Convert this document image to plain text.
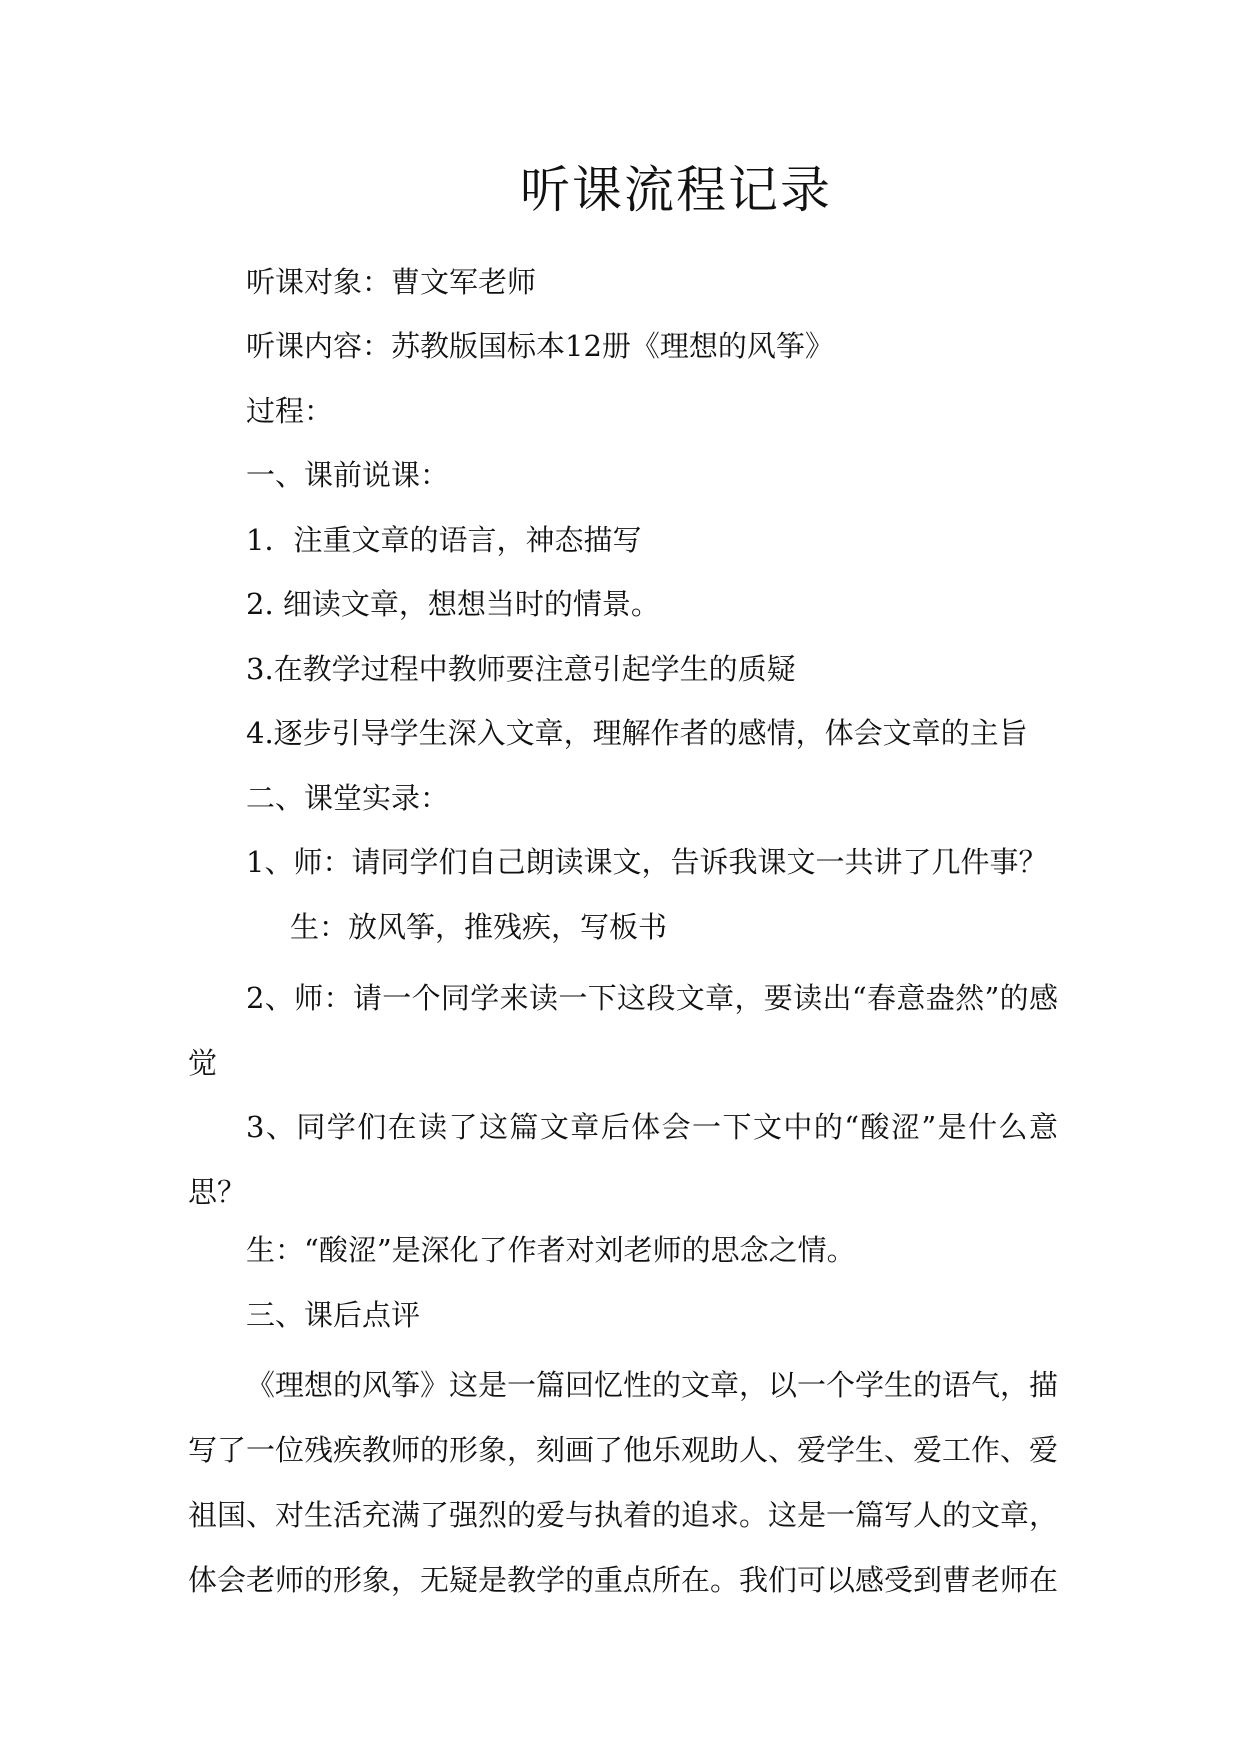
听课流程记录
听课对象：曹文军老师
听课内容：苏教版国标本12册《理想的风筝》
过程：
一、课前说课：
1．注重文章的语言，神态描写
2. 细读文章，想想当时的情景。
3.在教学过程中教师要注意引起学生的质疑
4.逐步引导学生深入文章，理解作者的感情，体会文章的主旨
二、课堂实录：
1、师：请同学们自己朗读课文，告诉我课文一共讲了几件事？
生：放风筝，推残疾，写板书
2、师：请一个同学来读一下这段文章，要读出“春意盎然”的感觉
3、同学们在读了这篇文章后体会一下文中的“酸涩”是什么意思？
生：“酸涩”是深化了作者对刘老师的思念之情。
三、课后点评
《理想的风筝》这是一篇回忆性的文章，以一个学生的语气，描写了一位残疾教师的形象，刻画了他乐观助人、爱学生、爱工作、爱祖国、对生活充满了强烈的爱与执着的追求。这是一篇写人的文章，体会老师的形象，无疑是教学的重点所在。我们可以感受到曹老师在
